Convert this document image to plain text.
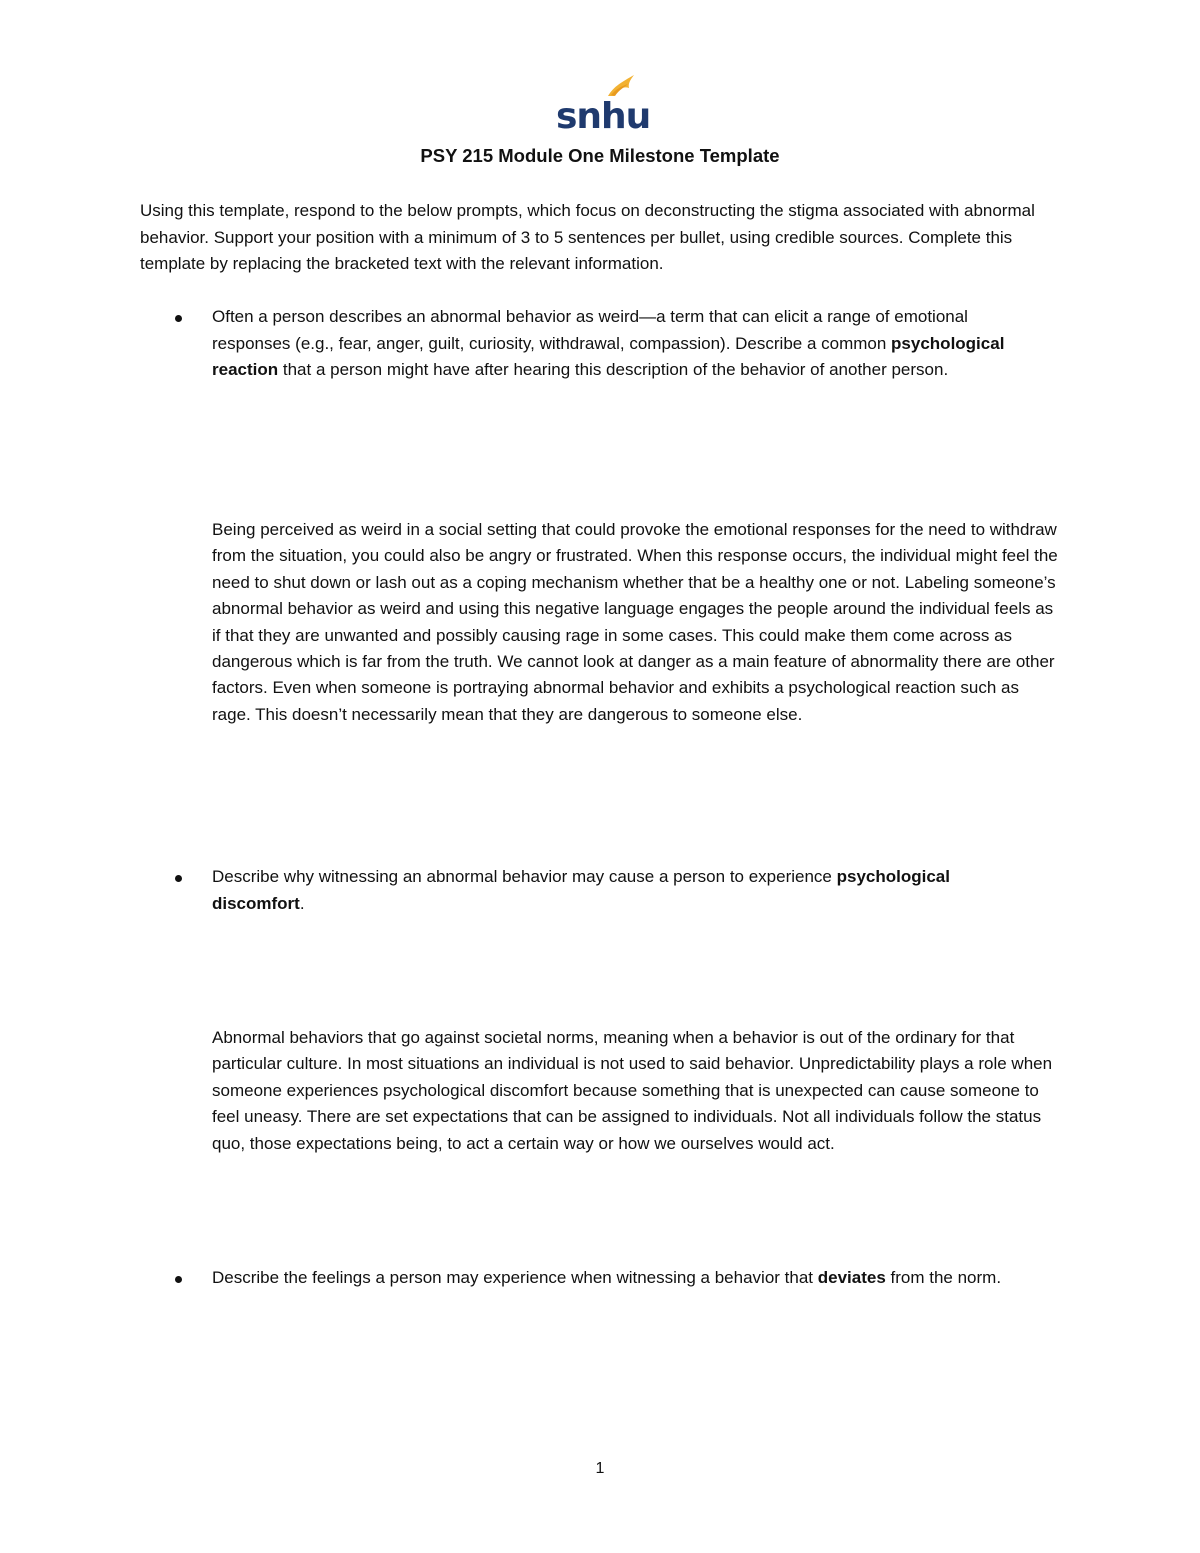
snhu
PSY 215 Module One Milestone Template

Using this template, respond to the below prompts, which focus on deconstructing the stigma associated with abnormal behavior. Support your position with a minimum of 3 to 5 sentences per bullet, using credible sources. Complete this template by replacing the bracketed text with the relevant information.

Often a person describes an abnormal behavior as weird—a term that can elicit a range of emotional responses (e.g., fear, anger, guilt, curiosity, withdrawal, compassion). Describe a common psychological reaction that a person might have after hearing this description of the behavior of another person.

Being perceived as weird in a social setting that could provoke the emotional responses for the need to withdraw from the situation, you could also be angry or frustrated. When this response occurs, the individual might feel the need to shut down or lash out as a coping mechanism whether that be a healthy one or not. Labeling someone’s abnormal behavior as weird and using this negative language engages the people around the individual feels as if that they are unwanted and possibly causing rage in some cases. This could make them come across as dangerous which is far from the truth. We cannot look at danger as a main feature of abnormality there are other factors. Even when someone is portraying abnormal behavior and exhibits a psychological reaction such as rage. This doesn’t necessarily mean that they are dangerous to someone else.

Describe why witnessing an abnormal behavior may cause a person to experience psychological discomfort.

Abnormal behaviors that go against societal norms, meaning when a behavior is out of the ordinary for that particular culture. In most situations an individual is not used to said behavior. Unpredictability plays a role when someone experiences psychological discomfort because something that is unexpected can cause someone to feel uneasy. There are set expectations that can be assigned to individuals. Not all individuals follow the status quo, those expectations being, to act a certain way or how we ourselves would act.

Describe the feelings a person may experience when witnessing a behavior that deviates from the norm.
1
